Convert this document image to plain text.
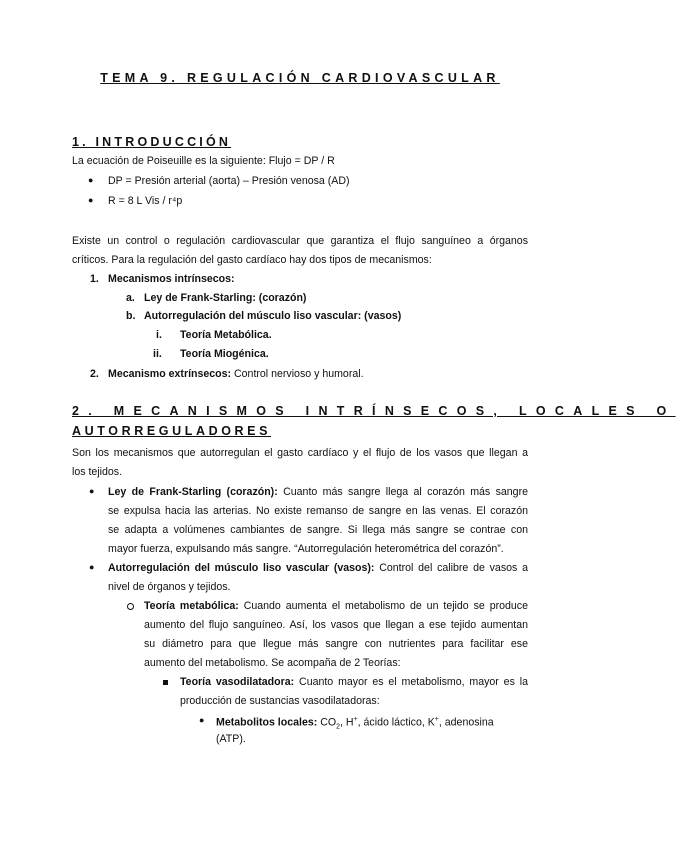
TEMA 9. REGULACIÓN CARDIOVASCULAR
1. INTRODUCCIÓN
La ecuación de Poiseuille es la siguiente: Flujo = DP / R
● DP = Presión arterial (aorta) – Presión venosa (AD)
● R = 8 L Vis / r⁴p
Existe un control o regulación cardiovascular que garantiza el flujo sanguíneo a órganos
críticos. Para la regulación del gasto cardíaco hay dos tipos de mecanismos:
1. Mecanismos intrínsecos:
a. Ley de Frank-Starling: (corazón)
b. Autorregulación del músculo liso vascular: (vasos)
i. Teoría Metabólica.
ii. Teoría Miogénica.
2. Mecanismo extrínsecos: Control nervioso y humoral.
2. MECANISMOS INTRÍNSECOS, LOCALES O
AUTORREGULADORES
Son los mecanismos que autorregulan el gasto cardíaco y el flujo de los vasos que llegan a
los tejidos.
● Ley de Frank-Starling (corazón): Cuanto más sangre llega al corazón más sangre
se expulsa hacia las arterias. No existe remanso de sangre en las venas. El corazón
se adapta a volúmenes cambiantes de sangre. Si llega más sangre se contrae con
mayor fuerza, expulsando más sangre. “Autorregulación heterométrica del corazón”.
● Autorregulación del músculo liso vascular (vasos): Control del calibre de vasos a
nivel de órganos y tejidos.
Teoría metabólica: Cuando aumenta el metabolismo de un tejido se produce
aumento del flujo sanguíneo. Así, los vasos que llegan a ese tejido aumentan
su diámetro para que llegue más sangre con nutrientes para facilitar ese
aumento del metabolismo. Se acompaña de 2 Teorías:
Teoría vasodilatadora: Cuanto mayor es el metabolismo, mayor es la
producción de sustancias vasodilatadoras:
● Metabolitos locales: $CO_2$, H+, ácido láctico, K+, adenosina
(ATP).
